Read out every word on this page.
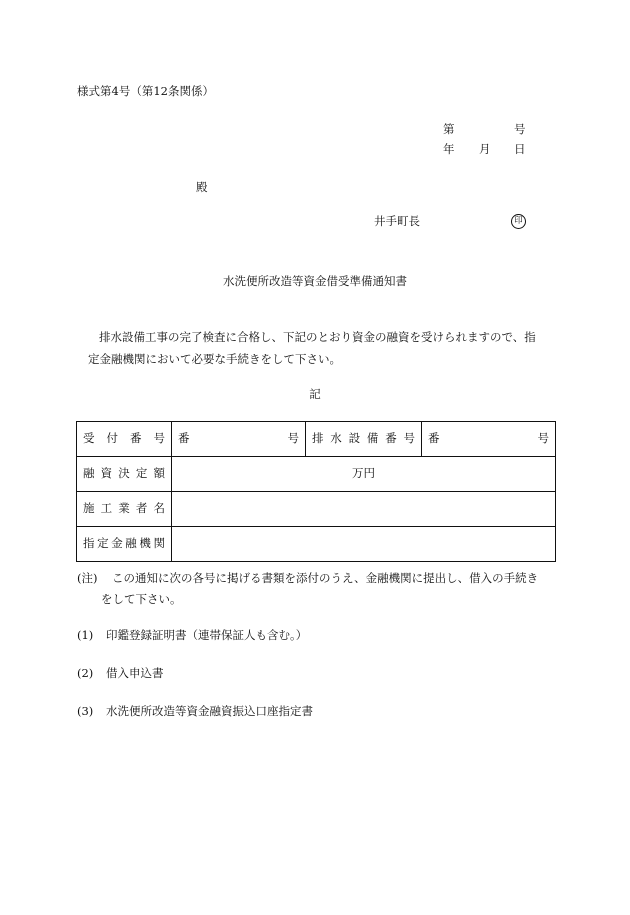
様式第4号（第12条関係）
第	号
年 月 日
殿
井手町長	印
水洗便所改造等資金借受準備通知書
排水設備工事の完了検査に合格し、下記のとおり資金の融資を受けられますので、指
定金融機関において必要な手続きをして下さい。
記
受付番号	番 号	排水設備番号	番 号

融資決定額	万円		
施工業者名			
指定金融機関			
(注) この通知に次の各号に掲げる書類を添付のうえ、金融機関に提出し、借入の手続き
をして下さい。
(1) 印鑑登録証明書（連帯保証人も含む。）
(2) 借入申込書
(3) 水洗便所改造等資金融資振込口座指定書
